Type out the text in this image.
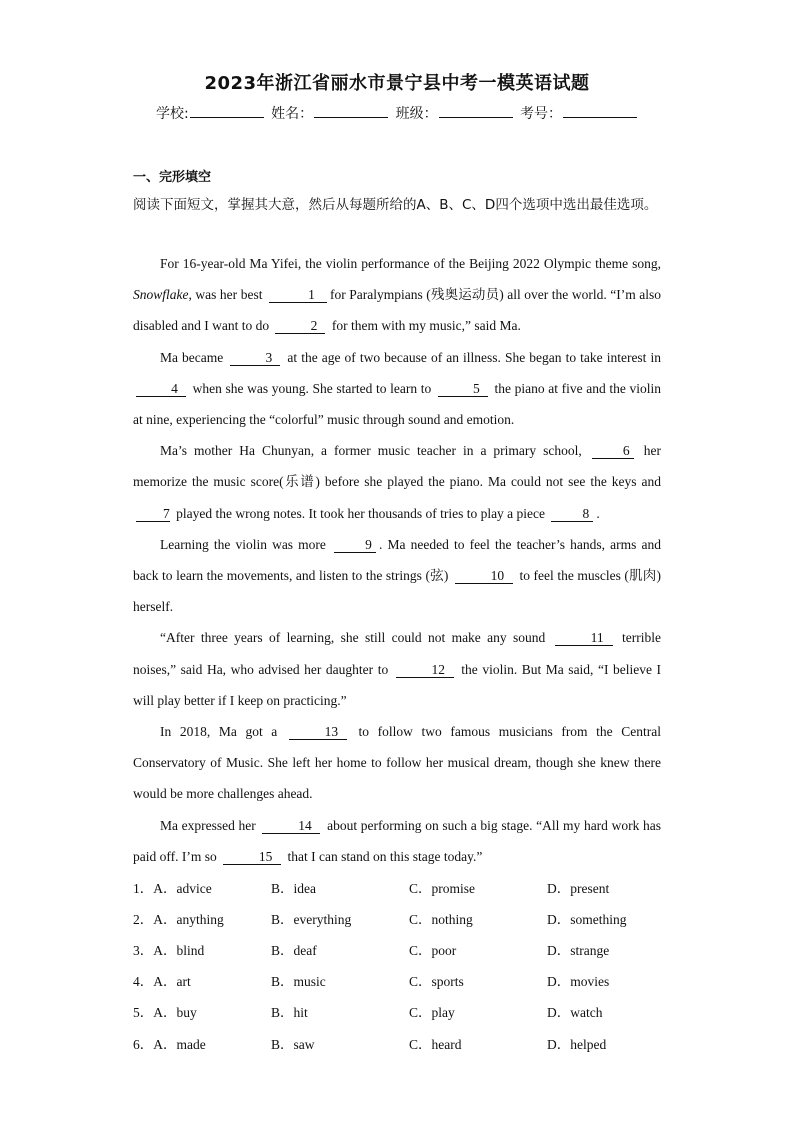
2023年浙江省丽水市景宁县中考一模英语试题
学校:	姓名：	班级：	考号：
一、完形填空
阅读下面短文，掌握其大意，然后从每题所给的A、B、C、D四个选项中选出最佳选项。

For 16-year-old Ma Yifei, the violin performance of the Beijing 2022 Olympic theme song, Snowflake, was her best	1 for Paralympians (残奥运动员) all over the world. “I’m also disabled and I want to do	2 for them with my music,” said Ma.

Ma became	3 at the age of two because of an illness. She began to take interest in 4 when she was young. She started to learn to	5 the piano at five and the violin at nine, experiencing the “colorful” music through sound and emotion.

Ma’s mother Ha Chunyan, a former music teacher in a primary school,	6 her memorize the music score(乐谱) before she played the piano. Ma could not see the keys and 7 played the wrong notes. It took her thousands of tries to play a piece	8 .

Learning the violin was more	9 . Ma needed to feel the teacher’s hands, arms and back to learn the movements, and listen to the strings (弦)	10 to feel the muscles (肌肉) herself.

“After three years of learning, she still could not make any sound	11 terrible noises,” said Ha, who advised her daughter to	12 the violin. But Ma said, “I believe I will play better if I keep on practicing.”

In 2018, Ma got a	13 to follow two famous musicians from the Central Conservatory of Music. She left her home to follow her musical dream, though she knew there would be more challenges ahead.

Ma expressed her	14 about performing on such a big stage. “All my hard work has paid off. I’m so	15 that I can stand on this stage today.”

1．A．advice	B．idea	C．promise	D．present
2．A．anything	B．everything	C．nothing	D．something
3．A．blind	B．deaf	C．poor	D．strange
4．A．art	B．music	C．sports	D．movies
5．A．buy	B．hit	C．play	D．watch
6．A．made	B．saw	C．heard	D．helped
